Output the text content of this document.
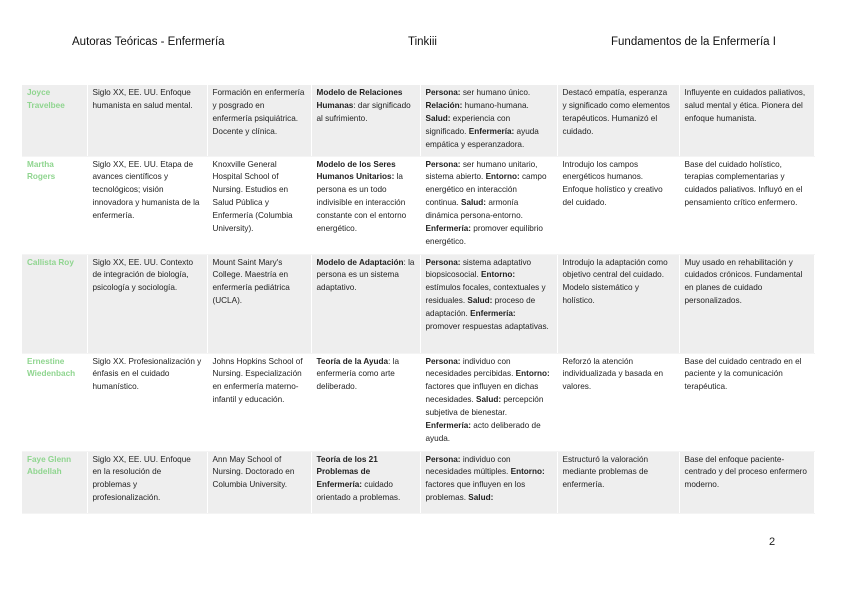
Autoras Teóricas - Enfermería	Tinkiii	Fundamentos de la Enfermería I
Joyce Travelbee	Siglo XX, EE. UU. Enfoque humanista en salud mental.	Formación en enfermería y posgrado en enfermería psiquiátrica. Docente y clínica.	Modelo de Relaciones Humanas: dar significado al sufrimiento.	Persona: ser humano único. Relación: humano-humana. Salud: experiencia con significado. Enfermería: ayuda empática y esperanzadora.	Destacó empatía, esperanza y significado como elementos terapéuticos. Humanizó el cuidado.	Influyente en cuidados paliativos, salud mental y ética. Pionera del enfoque humanista.
Martha Rogers	Siglo XX, EE. UU. Etapa de avances científicos y tecnológicos; visión innovadora y humanista de la enfermería.	Knoxville General Hospital School of Nursing. Estudios en Salud Pública y Enfermería (Columbia University).	Modelo de los Seres Humanos Unitarios: la persona es un todo indivisible en interacción constante con el entorno energético.	Persona: ser humano unitario, sistema abierto. Entorno: campo energético en interacción continua. Salud: armonía dinámica persona-entorno. Enfermería: promover equilibrio energético.	Introdujo los campos energéticos humanos. Enfoque holístico y creativo del cuidado.	Base del cuidado holístico, terapias complementarias y cuidados paliativos. Influyó en el pensamiento crítico enfermero.
Callista Roy	Siglo XX, EE. UU. Contexto de integración de biología, psicología y sociología.	Mount Saint Mary's College. Maestría en enfermería pediátrica (UCLA).	Modelo de Adaptación: la persona es un sistema adaptativo.	Persona: sistema adaptativo biopsicosocial. Entorno: estímulos focales, contextuales y residuales. Salud: proceso de adaptación. Enfermería: promover respuestas adaptativas.	Introdujo la adaptación como objetivo central del cuidado. Modelo sistemático y holístico.	Muy usado en rehabilitación y cuidados crónicos. Fundamental en planes de cuidado personalizados.
Ernestine Wiedenbach	Siglo XX. Profesionalización y énfasis en el cuidado humanístico.	Johns Hopkins School of Nursing. Especialización en enfermería materno-infantil y educación.	Teoría de la Ayuda: la enfermería como arte deliberado.	Persona: individuo con necesidades percibidas. Entorno: factores que influyen en dichas necesidades. Salud: percepción subjetiva de bienestar. Enfermería: acto deliberado de ayuda.	Reforzó la atención individualizada y basada en valores.	Base del cuidado centrado en el paciente y la comunicación terapéutica.
Faye Glenn Abdellah	Siglo XX, EE. UU. Enfoque en la resolución de problemas y profesionalización.	Ann May School of Nursing. Doctorado en Columbia University.	Teoría de los 21 Problemas de Enfermería: cuidado orientado a problemas.	Persona: individuo con necesidades múltiples. Entorno: factores que influyen en los problemas. Salud:	Estructuró la valoración mediante problemas de enfermería.	Base del enfoque paciente-centrado y del proceso enfermero moderno.
2
